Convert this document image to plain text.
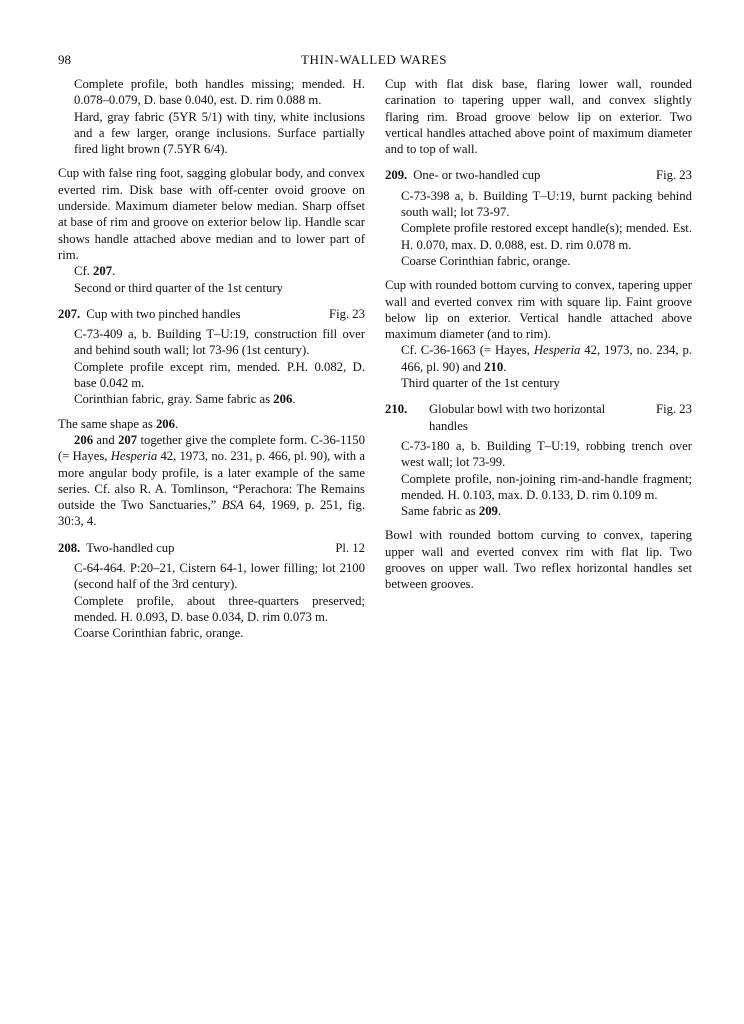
98	THIN-WALLED WARES

Complete profile, both handles missing; mended. H. 0.078–0.079, D. base 0.040, est. D. rim 0.088 m.

Hard, gray fabric (5YR 5/1) with tiny, white inclusions and a few larger, orange inclusions. Surface partially fired light brown (7.5YR 6/4).

Cup with false ring foot, sagging globular body, and convex everted rim. Disk base with off-center ovoid groove on underside. Maximum diameter below median. Sharp offset at base of rim and groove on exterior below lip. Handle scar shows handle attached above median and to lower part of rim.

Cf. 207.

Second or third quarter of the 1st century

207. Cup with two pinched handles	Fig. 23

C-73-409 a, b. Building T–U:19, construction fill over and behind south wall; lot 73-96 (1st century).

Complete profile except rim, mended. P.H. 0.082, D. base 0.042 m.

Corinthian fabric, gray. Same fabric as 206.

The same shape as 206.

206 and 207 together give the complete form. C-36-1150 (= Hayes, Hesperia 42, 1973, no. 231, p. 466, pl. 90), with a more angular body profile, is a later example of the same series. Cf. also R. A. Tomlinson, “Perachora: The Remains outside the Two Sanctuaries,” BSA 64, 1969, p. 251, fig. 30:3, 4.

208. Two-handled cup	Pl. 12

C-64-464. P:20–21, Cistern 64-1, lower filling; lot 2100 (second half of the 3rd century).

Complete profile, about three-quarters preserved; mended. H. 0.093, D. base 0.034, D. rim 0.073 m.

Coarse Corinthian fabric, orange.

Cup with flat disk base, flaring lower wall, rounded carination to tapering upper wall, and convex slightly flaring rim. Broad groove below lip on exterior. Two vertical handles attached above point of maximum diameter and to top of wall.

209. One- or two-handled cup	Fig. 23

C-73-398 a, b. Building T–U:19, burnt packing behind south wall; lot 73-97.

Complete profile restored except handle(s); mended. Est. H. 0.070, max. D. 0.088, est. D. rim 0.078 m.

Coarse Corinthian fabric, orange.

Cup with rounded bottom curving to convex, tapering upper wall and everted convex rim with square lip. Faint groove below lip on exterior. Vertical handle attached above maximum diameter (and to rim).

Cf. C-36-1663 (= Hayes, Hesperia 42, 1973, no. 234, p. 466, pl. 90) and 210.

Third quarter of the 1st century

210.	Globular bowl with two horizontal handles
Fig. 23

C-73-180 a, b. Building T–U:19, robbing trench over west wall; lot 73-99.

Complete profile, non-joining rim-and-handle fragment; mended. H. 0.103, max. D. 0.133, D. rim 0.109 m.

Same fabric as 209.

Bowl with rounded bottom curving to convex, tapering upper wall and everted convex rim with flat lip. Two grooves on upper wall. Two reflex horizontal handles set between grooves.
